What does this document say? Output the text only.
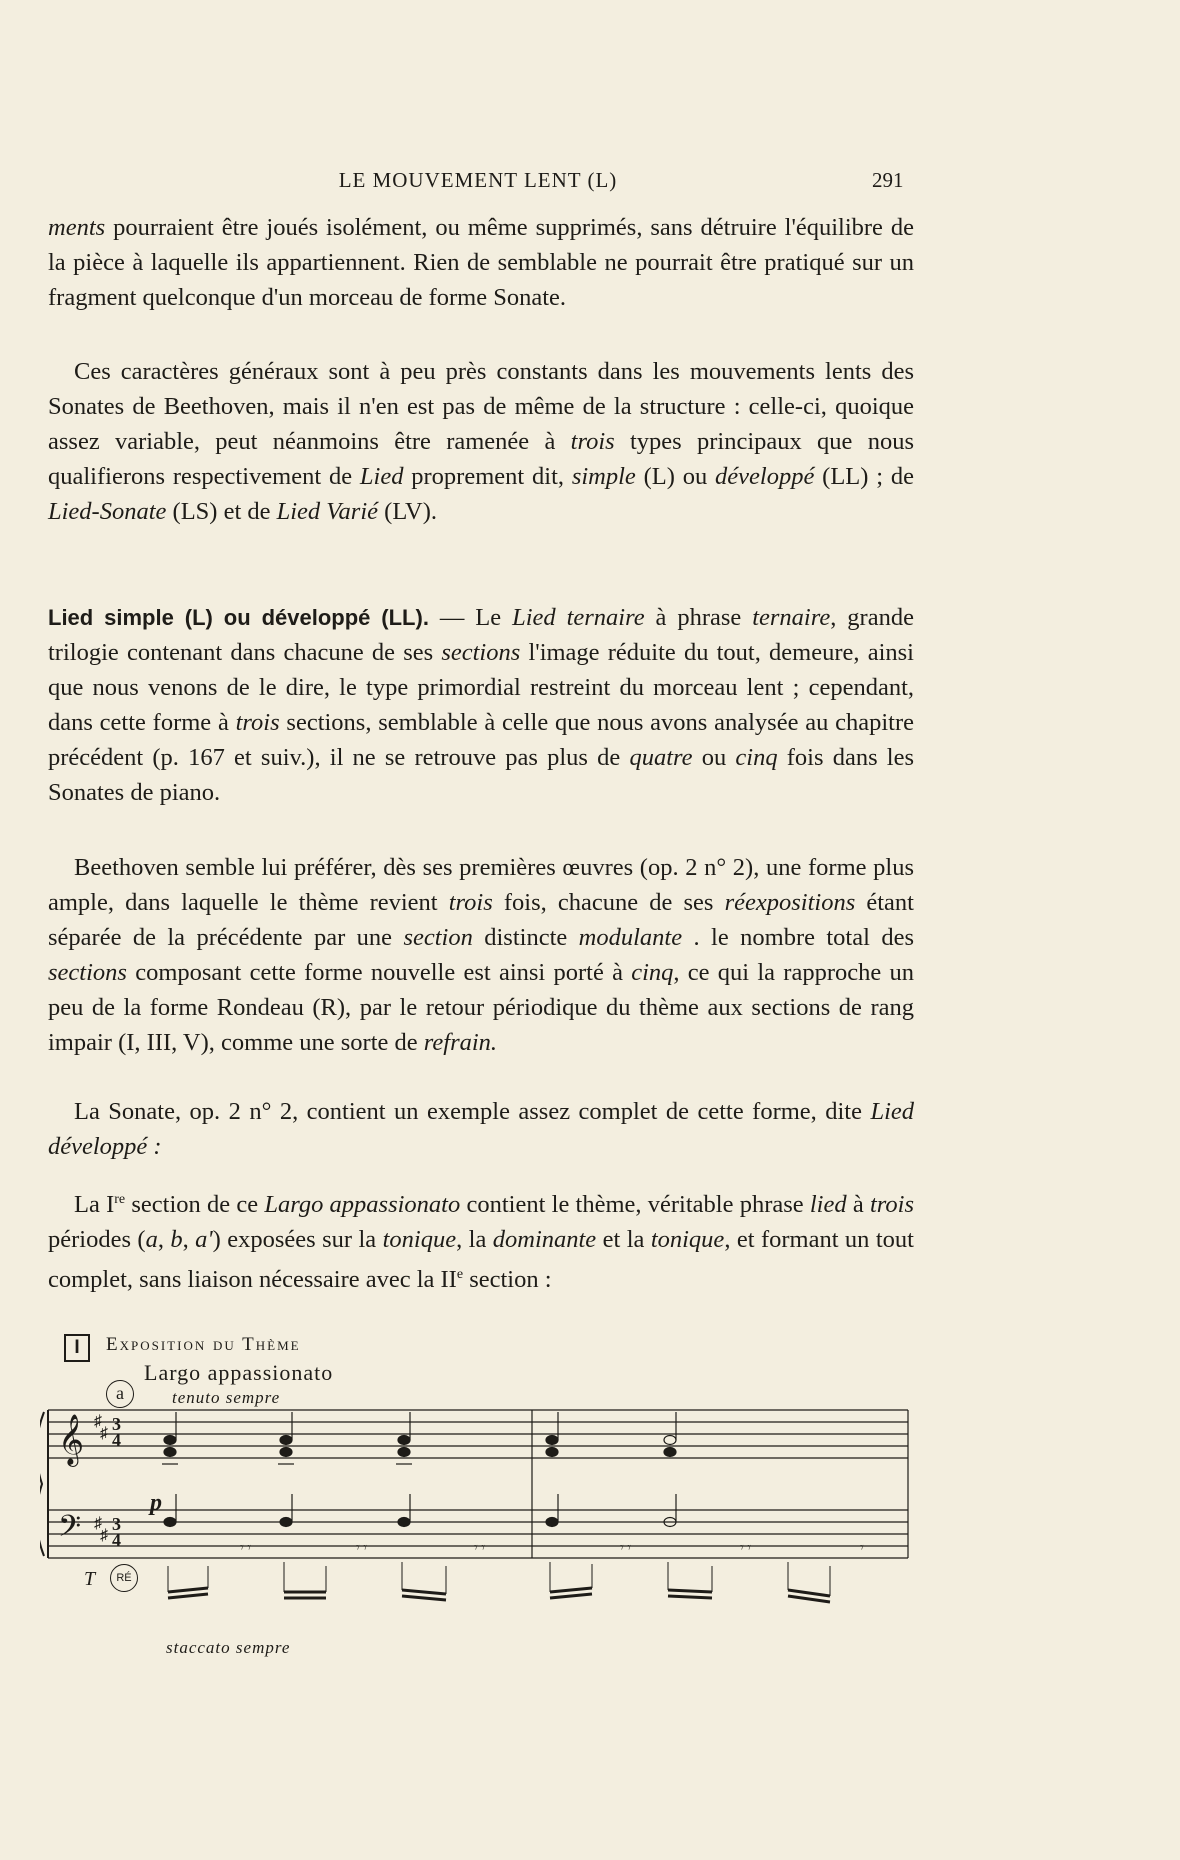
LE MOUVEMENT LENT (L)	291

ments pourraient être joués isolément, ou même supprimés, sans détruire l'équilibre de la pièce à laquelle ils appartiennent. Rien de semblable ne pourrait être pratiqué sur un fragment quelconque d'un morceau de forme Sonate.

Ces caractères généraux sont à peu près constants dans les mouvements lents des Sonates de Beethoven, mais il n'en est pas de même de la structure : celle-ci, quoique assez variable, peut néanmoins être ramenée à trois types principaux que nous qualifierons respectivement de Lied proprement dit, simple (L) ou développé (LL) ; de Lied-Sonate (LS) et de Lied Varié (LV).

Lied simple (L) ou développé (LL). — Le Lied ternaire à phrase ternaire, grande trilogie contenant dans chacune de ses sections l'image réduite du tout, demeure, ainsi que nous venons de le dire, le type primordial restreint du morceau lent ; cependant, dans cette forme à trois sections, semblable à celle que nous avons analysée au chapitre précédent (p. 167 et suiv.), il ne se retrouve pas plus de quatre ou cinq fois dans les Sonates de piano.

Beethoven semble lui préférer, dès ses premières œuvres (op. 2 n° 2), une forme plus ample, dans laquelle le thème revient trois fois, chacune de ses réexpositions étant séparée de la précédente par une section distincte modulante . le nombre total des sections composant cette forme nouvelle est ainsi porté à cinq, ce qui la rapproche un peu de la forme Rondeau (R), par le retour périodique du thème aux sections de rang impair (I, III, V), comme une sorte de refrain.

La Sonate, op. 2 n° 2, contient un exemple assez complet de cette forme, dite Lied développé :

La Ire section de ce Largo appassionato contient le thème, véritable phrase lied à trois périodes (a, b, a') exposées sur la tonique, la dominante et la tonique, et formant un tout complet, sans liaison nécessaire avec la IIe section :

I	Exposition du Thème
Largo appassionato
a	tenuto sempre
p
T	RÉ
staccato sempre
𝄞
𝄢
♯
♯
♯
♯
3
4
3
4	𝄾 𝄾	𝄾 𝄾	𝄾 𝄾	𝄾 𝄾	𝄾 𝄾	𝄾
